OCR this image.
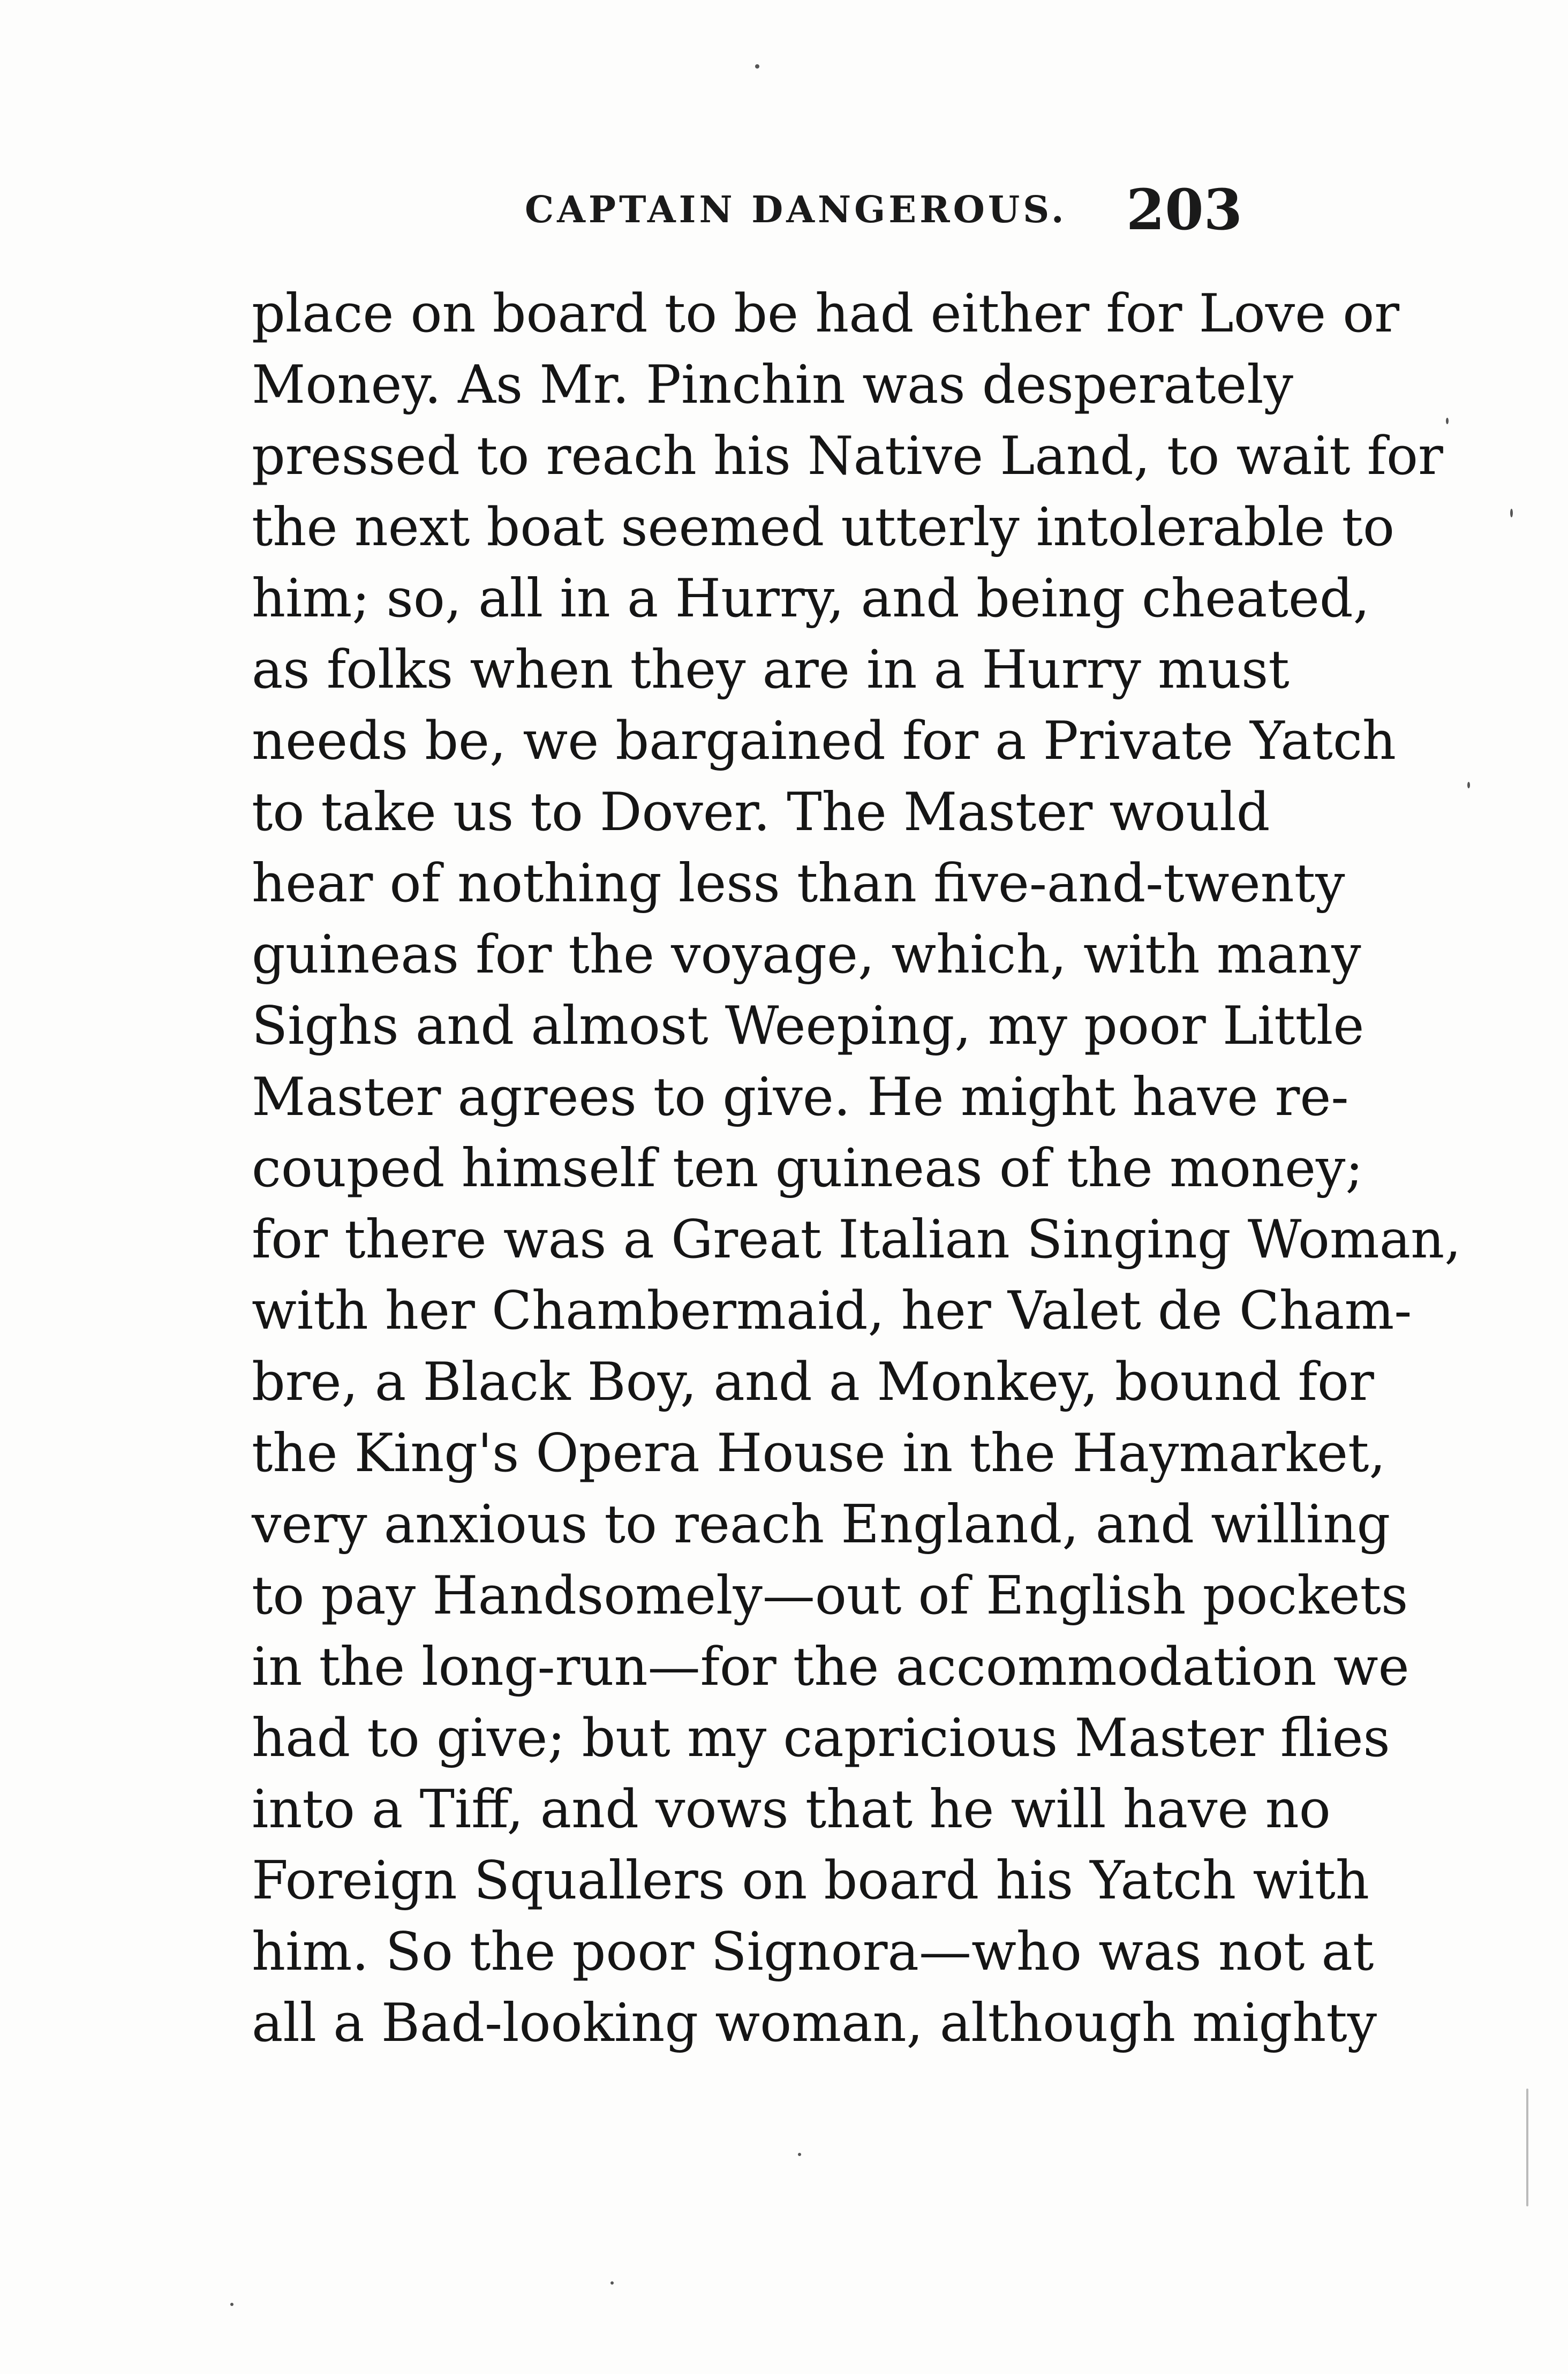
CAPTAIN DANGEROUS. 203
place on board to be had either for Love or
Money. As Mr. Pinchin was desperately
pressed to reach his Native Land, to wait for
the next boat seemed utterly intolerable to
him; so, all in a Hurry, and being cheated,
as folks when they are in a Hurry must
needs be, we bargained for a Private Yatch
to take us to Dover. The Master would
hear of nothing less than five-and-twenty
guineas for the voyage, which, with many
Sighs and almost Weeping, my poor Little
Master agrees to give. He might have re-
couped himself ten guineas of the money;
for there was a Great Italian Singing Woman,
with her Chambermaid, her Valet de Cham-
bre, a Black Boy, and a Monkey, bound for
the King's Opera House in the Haymarket,
very anxious to reach England, and willing
to pay Handsomely—out of English pockets
in the long-run—for the accommodation we
had to give; but my capricious Master flies
into a Tiff, and vows that he will have no
Foreign Squallers on board his Yatch with
him. So the poor Signora—who was not at
all a Bad-looking woman, although mighty
